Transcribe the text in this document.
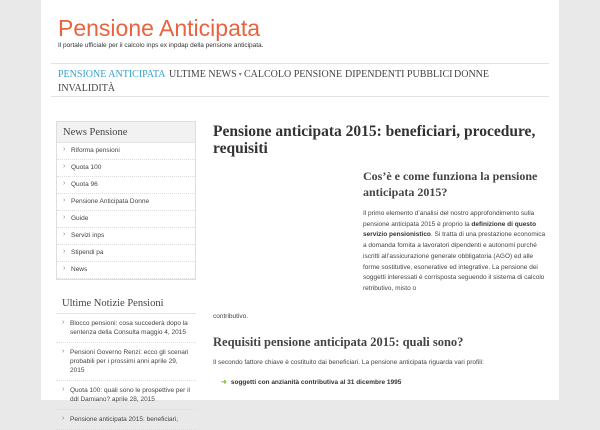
Pensione Anticipata
Il portale ufficiale per il calcolo inps ex inpdap della pensione anticipata.
PENSIONE ANTICIPATA ULTIME NEWS ▾ CALCOLO PENSIONE DIPENDENTI PUBBLICI DONNE
INVALIDITÀ
News Pensione
› Riforma pensioni
› Quota 100
› Quota 96
› Pensione Anticipata Donne
› Guide
› Servizi inps
› Stipendi pa
› News
Ultime Notizie Pensioni
› Blocco pensioni: cosa succederà dopo la sentenza della Consulta maggio 4, 2015
› Pensioni Governo Renzi: ecco gli scenari probabili per i prossimi anni aprile 29, 2015
› Quota 100: quali sono le prospettive per il ddl Damiano? aprile 28, 2015
› Pensione anticipata 2015: beneficiari,
Pensione anticipata 2015: beneficiari, procedure, requisiti
Cos’è e come funziona la pensione anticipata 2015?

Il primo elemento d’analisi del nostro approfondimento sulla pensione anticipata 2015 è proprio la definizione di questo servizio pensionistico. Si tratta di una prestazione economica a domanda fornita a lavoratori dipendenti e autonomi purché iscritti all’assicurazione generale obbligatoria (AGO) ed alle forme sostitutive, esonerative ed integrative. La pensione dei soggetti interessati è corrisposta seguendo il sistema di calcolo retributivo, misto o

contributivo.

Requisiti pensione anticipata 2015: quali sono?

Il secondo fattore chiave è costituito dai beneficiari. La pensione anticipata riguarda vari profili:

➜ soggetti con anzianità contributiva al 31 dicembre 1995
